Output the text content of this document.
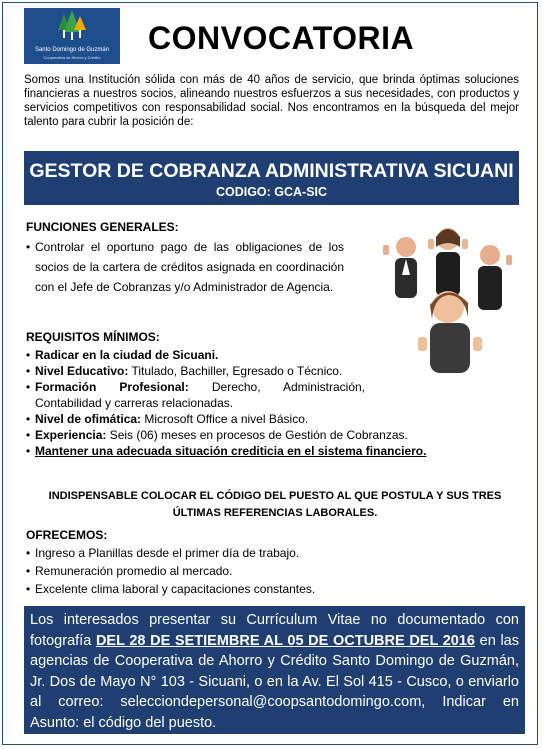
Santo Domingo de Guzmán
Cooperativa de Ahorro y Crédito
CONVOCATORIA
Somos una Institución sólida con más de 40 años de servicio, que brinda óptimas soluciones financieras a nuestros socios, alineando nuestros esfuerzos a sus necesidades, con productos y servicios competitivos con responsabilidad social. Nos encontramos en la búsqueda del mejor talento para cubrir la posición de:
GESTOR DE COBRANZA ADMINISTRATIVA SICUANI
CODIGO: GCA-SIC
FUNCIONES GENERALES:
• Controlar el oportuno pago de las obligaciones de los socios de la cartera de créditos asignada en coordinación con el Jefe de Cobranzas y/o Administrador de Agencia.
REQUISITOS MÍNIMOS:
• Radicar en la ciudad de Sicuani.
• Nivel Educativo: Titulado, Bachiller, Egresado o Técnico.
• Formación Profesional: Derecho, Administración, Contabilidad y carreras relacionadas.
• Nivel de ofimática: Microsoft Office a nivel Básico.
• Experiencia: Seis (06) meses en procesos de Gestión de Cobranzas.
• Mantener una adecuada situación crediticia en el sistema financiero.
INDISPENSABLE COLOCAR EL CÓDIGO DEL PUESTO AL QUE POSTULA Y SUS TRES ÚLTIMAS REFERENCIAS LABORALES.
OFRECEMOS:
• Ingreso a Planillas desde el primer día de trabajo.
• Remuneración promedio al mercado.
• Excelente clima laboral y capacitaciones constantes.
Los interesados presentar su Currículum Vitae no documentado con fotografía DEL 28 DE SETIEMBRE AL 05 DE OCTUBRE DEL 2016 en las agencias de Cooperativa de Ahorro y Crédito Santo Domingo de Guzmán, Jr. Dos de Mayo N° 103 - Sicuani, o en la Av. El Sol 415 - Cusco, o enviarlo al correo: selecciondepersonal@coopsantodomingo.com, Indicar en Asunto: el código del puesto.
